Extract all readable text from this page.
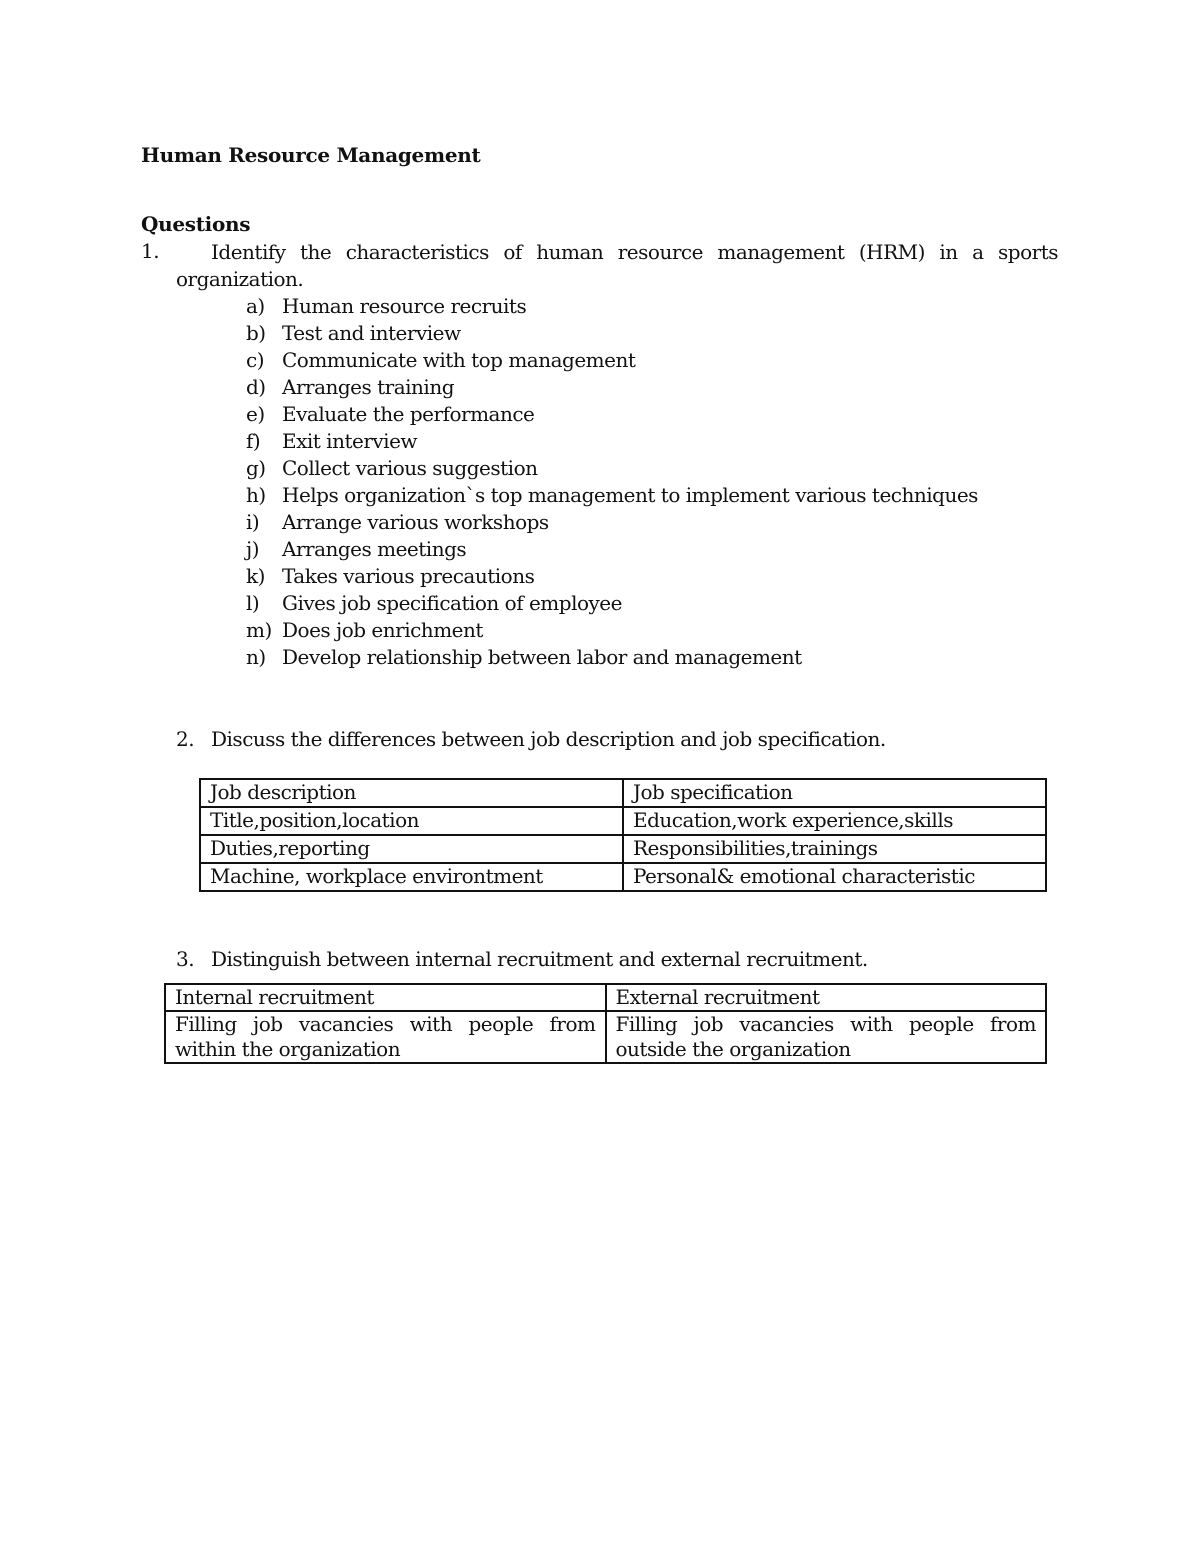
Human Resource Management
Questions
1.	Identify the characteristics of human resource management (HRM) in a sports organization.
a) Human resource recruits
b) Test and interview
c) Communicate with top management
d) Arranges training
e) Evaluate the performance
f) Exit interview
g) Collect various suggestion
h) Helps organization`s top management to implement various techniques
i) Arrange various workshops
j) Arranges meetings
k) Takes various precautions
l) Gives job specification of employee
m) Does job enrichment
n) Develop relationship between labor and management
2. Discuss the differences between job description and job specification.
Job description	Job specification
Title,position,location	Education,work experience,skills
Duties,reporting	Responsibilities,trainings
Machine, workplace environtment	Personal& emotional characteristic
3. Distinguish between internal recruitment and external recruitment.
Internal recruitment	External recruitment
Filling job vacancies with people from within the organization	Filling job vacancies with people from outside the organization
